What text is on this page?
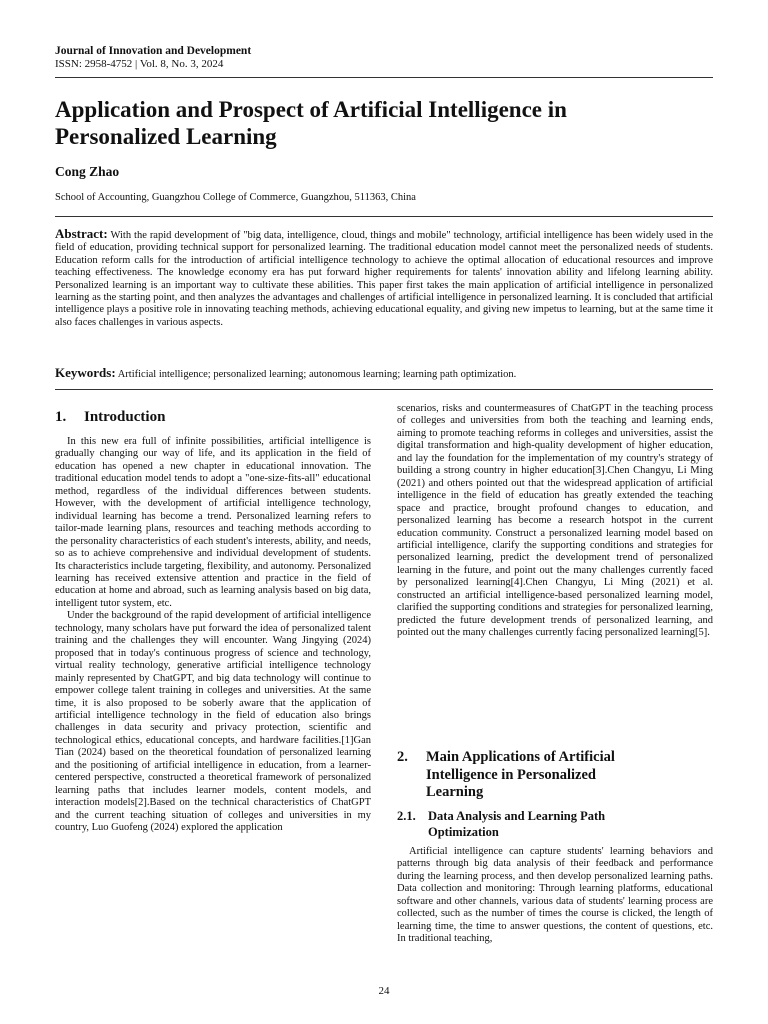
Journal of Innovation and Development
ISSN: 2958-4752 | Vol. 8, No. 3, 2024
Application and Prospect of Artificial Intelligence in
Personalized Learning
Cong Zhao
School of Accounting, Guangzhou College of Commerce, Guangzhou, 511363, China

Abstract: With the rapid development of "big data, intelligence, cloud, things and mobile" technology, artificial intelligence has been widely used in the field of education, providing technical support for personalized learning. The traditional education model cannot meet the personalized needs of students. Education reform calls for the introduction of artificial intelligence technology to achieve the optimal allocation of educational resources and improve teaching effectiveness. The knowledge economy era has put forward higher requirements for talents' innovation ability and lifelong learning ability. Personalized learning is an important way to cultivate these abilities. This paper first takes the main application of artificial intelligence in personalized learning as the starting point, and then analyzes the advantages and challenges of artificial intelligence in personalized learning. It is concluded that artificial intelligence plays a positive role in innovating teaching methods, achieving educational equality, and giving new impetus to learning, but at the same time it also faces challenges in various aspects.

Keywords: Artificial intelligence; personalized learning; autonomous learning; learning path optimization.

1. Introduction

In this new era full of infinite possibilities, artificial intelligence is gradually changing our way of life, and its application in the field of education has opened a new chapter in educational innovation. The traditional education model tends to adopt a "one-size-fits-all" educational method, regardless of the individual differences between students. However, with the development of artificial intelligence technology, individual learning has become a trend. Personalized learning refers to tailor-made learning plans, resources and teaching methods according to the personality characteristics of each student's interests, ability, and needs, so as to achieve comprehensive and individual development of students. Its characteristics include targeting, flexibility, and autonomy. Personalized learning has received extensive attention and practice in the field of education at home and abroad, such as learning analysis based on big data, intelligent tutor system, etc.

Under the background of the rapid development of artificial intelligence technology, many scholars have put forward the idea of personalized talent training and the challenges they will encounter. Wang Jingying (2024) proposed that in today's continuous progress of science and technology, virtual reality technology, generative artificial intelligence technology mainly represented by ChatGPT, and big data technology will continue to empower college talent training in colleges and universities. At the same time, it is also proposed to be soberly aware that the application of artificial intelligence technology in the field of education also brings challenges in data security and privacy protection, scientific and technological ethics, educational concepts, and hardware facilities.[1]Gan Tian (2024) based on the theoretical foundation of personalized learning and the positioning of artificial intelligence in education, from a learner-centered perspective, constructed a theoretical framework of personalized learning paths that includes learner models, content models, and interaction models[2].Based on the technical characteristics of ChatGPT and the current teaching situation of colleges and universities in my country, Luo Guofeng (2024) explored the application

scenarios, risks and countermeasures of ChatGPT in the teaching process of colleges and universities from both the teaching and learning ends, aiming to promote teaching reforms in colleges and universities, assist the digital transformation and high-quality development of higher education, and lay the foundation for the implementation of my country's strategy of building a strong country in higher education[3].Chen Changyu, Li Ming (2021) and others pointed out that the widespread application of artificial intelligence in the field of education has greatly extended the teaching space and practice, brought profound changes to education, and personalized learning has become a research hotspot in the current education community. Construct a personalized learning model based on artificial intelligence, clarify the supporting conditions and strategies for personalized learning, predict the development trend of personalized learning in the future, and point out the many challenges currently faced by personalized learning[4].Chen Changyu, Li Ming (2021) et al. constructed an artificial intelligence-based personalized learning model, clarified the supporting conditions and strategies for personalized learning, predicted the future development trends of personalized learning, and pointed out the many challenges currently facing personalized learning[5].

2. Main Applications of Artificial
Intelligence in Personalized
Learning
2.1. Data Analysis and Learning Path
Optimization

Artificial intelligence can capture students' learning behaviors and patterns through big data analysis of their feedback and performance during the learning process, and then develop personalized learning paths. Data collection and monitoring: Through learning platforms, educational software and other channels, various data of students' learning process are collected, such as the number of times the course is clicked, the length of learning time, the time to answer questions, the content of questions, etc. In traditional teaching,

24
